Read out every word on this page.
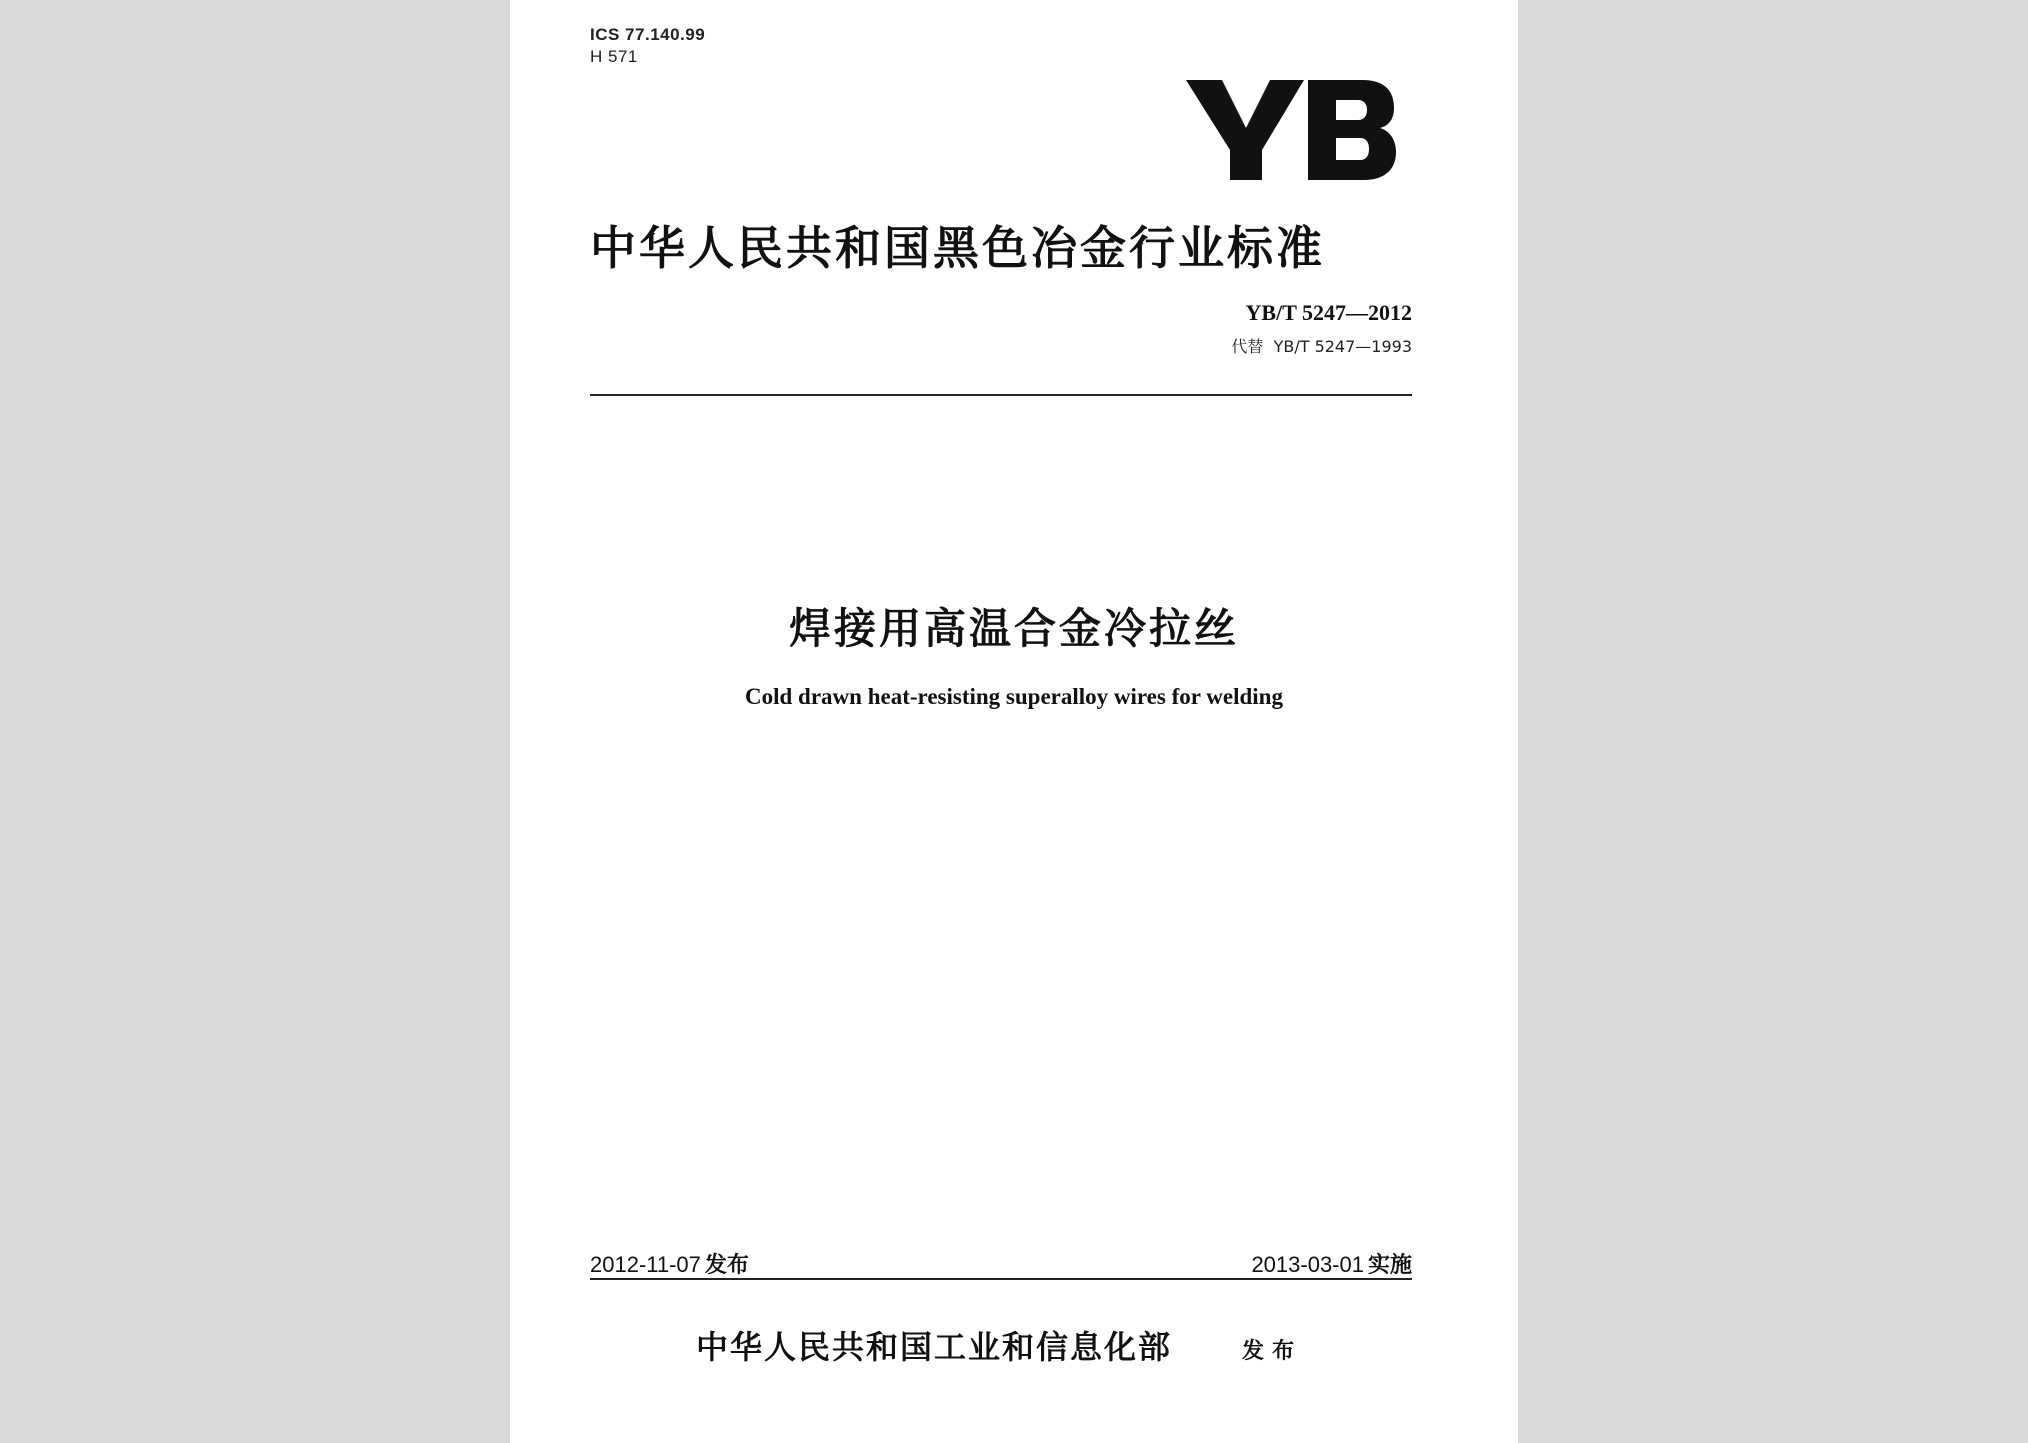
ICS 77.140.99
H 571
中华人民共和国黑色冶金行业标准
YB/T 5247—2012
代替 YB/T 5247—1993
焊接用高温合金冷拉丝
Cold drawn heat-resisting superalloy wires for welding
2012-11-07 发布	2013-03-01 实施
中华人民共和国工业和信息化部	发布
